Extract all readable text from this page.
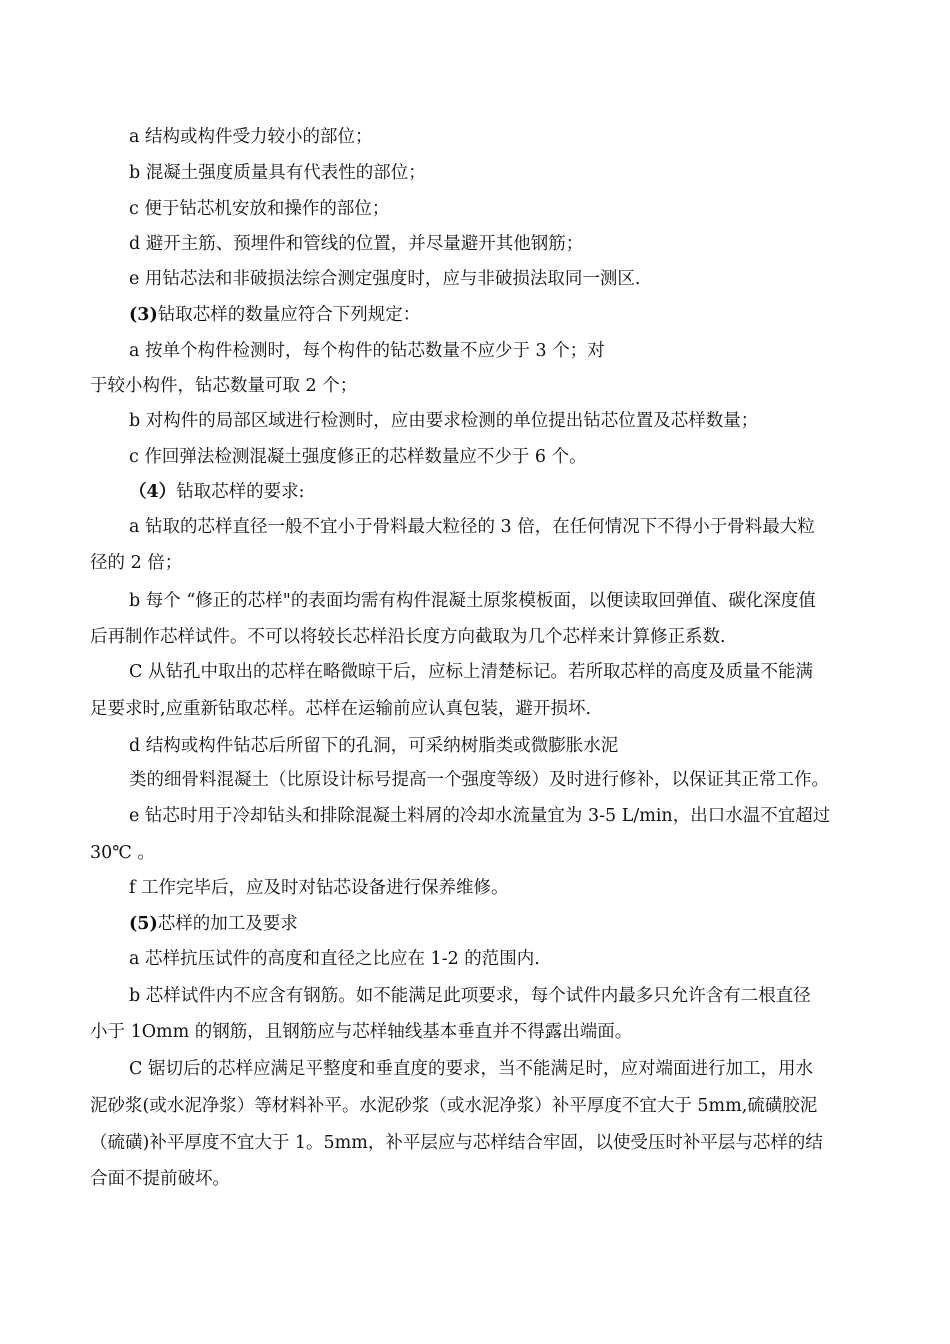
a 结构或构件受力较小的部位；
b 混凝土强度质量具有代表性的部位；
c 便于钻芯机安放和操作的部位；
d 避开主筋、预埋件和管线的位置，并尽量避开其他钢筋；
e 用钻芯法和非破损法综合测定强度时，应与非破损法取同一测区.
(3)钻取芯样的数量应符合下列规定：
a 按单个构件检测时，每个构件的钻芯数量不应少于 3 个；对
于较小构件，钻芯数量可取 2 个；
b 对构件的局部区域进行检测时，应由要求检测的单位提出钻芯位置及芯样数量；
c 作回弹法检测混凝土强度修正的芯样数量应不少于 6 个。
（4）钻取芯样的要求:
a 钻取的芯样直径一般不宜小于骨料最大粒径的 3 倍，在任何情况下不得小于骨料最大粒
径的 2 倍；
b 每个 “修正的芯样"的表面均需有构件混凝土原浆模板面，以便读取回弹值、碳化深度值
后再制作芯样试件。不可以将较长芯样沿长度方向截取为几个芯样来计算修正系数.
C 从钻孔中取出的芯样在略微晾干后，应标上清楚标记。若所取芯样的高度及质量不能满
足要求时,应重新钻取芯样。芯样在运输前应认真包装，避开损坏.
d 结构或构件钻芯后所留下的孔洞，可采纳树脂类或微膨胀水泥
类的细骨料混凝土（比原设计标号提高一个强度等级）及时进行修补，以保证其正常工作。
e 钻芯时用于冷却钻头和排除混凝土料屑的冷却水流量宜为 3-5 L/min，出口水温不宜超过
30℃ 。
f 工作完毕后，应及时对钻芯设备进行保养维修。
(5)芯样的加工及要求
a 芯样抗压试件的高度和直径之比应在 1-2 的范围内.
b 芯样试件内不应含有钢筋。如不能满足此项要求，每个试件内最多只允许含有二根直径
小于 1Omm 的钢筋，且钢筋应与芯样轴线基本垂直并不得露出端面。
C 锯切后的芯样应满足平整度和垂直度的要求，当不能满足时，应对端面进行加工，用水
泥砂浆(或水泥净浆）等材料补平。水泥砂浆（或水泥净浆）补平厚度不宜大于 5mm,硫磺胶泥
（硫磺)补平厚度不宜大于 1。5mm，补平层应与芯样结合牢固，以使受压时补平层与芯样的结
合面不提前破坏。
